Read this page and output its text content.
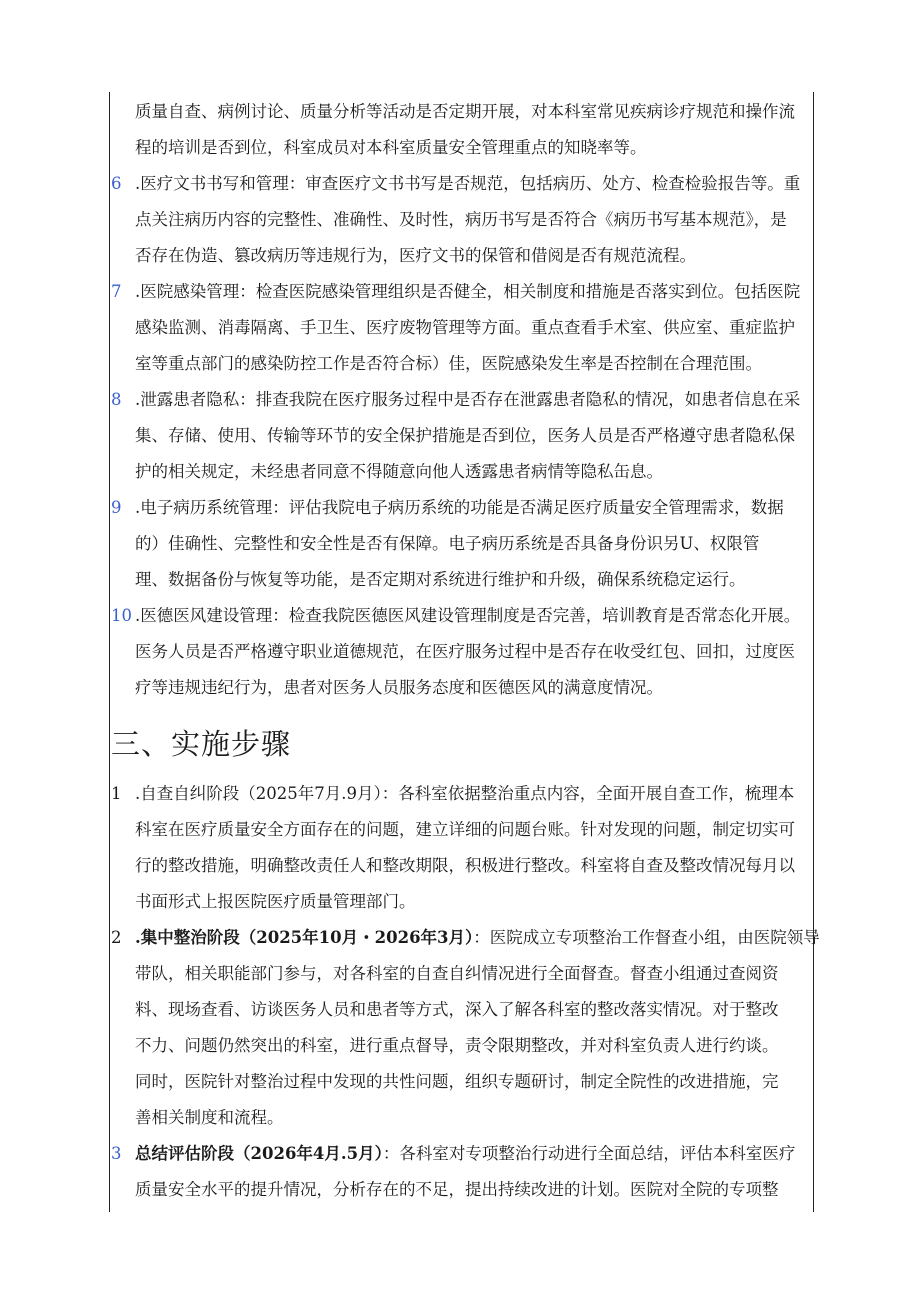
质量自查、病例讨论、质量分析等活动是否定期开展，对本科室常见疾病诊疗规范和操作流
程的培训是否到位，科室成员对本科室质量安全管理重点的知晓率等。
6 .医疗文书书写和管理：审查医疗文书书写是否规范，包括病历、处方、检查检验报告等。重
点关注病历内容的完整性、准确性、及时性，病历书写是否符合《病历书写基本规范》，是
否存在伪造、篡改病历等违规行为，医疗文书的保管和借阅是否有规范流程。
7 .医院感染管理：检查医院感染管理组织是否健全，相关制度和措施是否落实到位。包括医院
感染监测、消毒隔离、手卫生、医疗废物管理等方面。重点查看手术室、供应室、重症监护
室等重点部门的感染防控工作是否符合标）佳，医院感染发生率是否控制在合理范围。
8 .泄露患者隐私：排查我院在医疗服务过程中是否存在泄露患者隐私的情况，如患者信息在采
集、存储、使用、传输等环节的安全保护措施是否到位，医务人员是否严格遵守患者隐私保
护的相关规定，未经患者同意不得随意向他人透露患者病情等隐私缶息。
9 .电子病历系统管理：评估我院电子病历系统的功能是否满足医疗质量安全管理需求，数据
的）佳确性、完整性和安全性是否有保障。电子病历系统是否具备身份识另U、权限管
理、数据备份与恢复等功能，是否定期对系统进行维护和升级，确保系统稳定运行。
10 .医德医风建设管理：检查我院医德医风建设管理制度是否完善，培训教育是否常态化开展。
医务人员是否严格遵守职业道德规范，在医疗服务过程中是否存在收受红包、回扣，过度医
疗等违规违纪行为，患者对医务人员服务态度和医德医风的满意度情况。
三、实施步骤
1 .自查自纠阶段（2025年7月.9月）：各科室依据整治重点内容，全面开展自查工作，梳理本
科室在医疗质量安全方面存在的问题，建立详细的问题台账。针对发现的问题，制定切实可
行的整改措施，明确整改责任人和整改期限，积极进行整改。科室将自查及整改情况每月以
书面形式上报医院医疗质量管理部门。
2 .集中整治阶段（2025年10月・2026年3月）：医院成立专项整治工作督查小组，由医院领导
带队，相关职能部门参与，对各科室的自查自纠情况进行全面督查。督查小组通过查阅资
料、现场查看、访谈医务人员和患者等方式，深入了解各科室的整改落实情况。对于整改
不力、问题仍然突出的科室，进行重点督导，责令限期整改，并对科室负责人进行约谈。
同时，医院针对整治过程中发现的共性问题，组织专题研讨，制定全院性的改进措施，完
善相关制度和流程。
3 总结评估阶段（2026年4月.5月）：各科室对专项整治行动进行全面总结，评估本科室医疗
质量安全水平的提升情况，分析存在的不足，提出持续改进的计划。医院对全院的专项整
